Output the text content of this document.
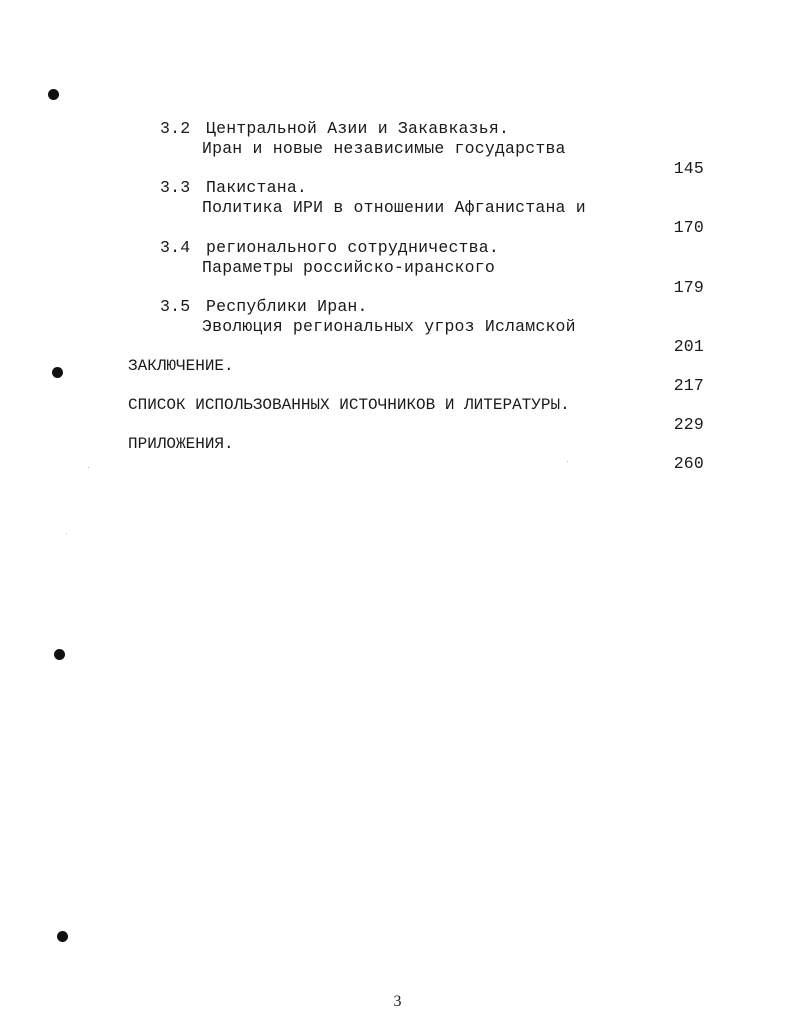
3.2

Иран и новые независимые государства

145

Центральной Азии и Закавказья.

3.3

Политика ИРИ в отношении Афганистана и

170

Пакистана.

3.4

Параметры российско-иранского

179

регионального сотрудничества.

3.5

Эволюция региональных угроз Исламской

201

Республики Иран.

ЗАКЛЮЧЕНИЕ.

217

СПИСОК ИСПОЛЬЗОВАННЫХ ИСТОЧНИКОВ И ЛИТЕРАТУРЫ.

229

ПРИЛОЖЕНИЯ.

260

3
